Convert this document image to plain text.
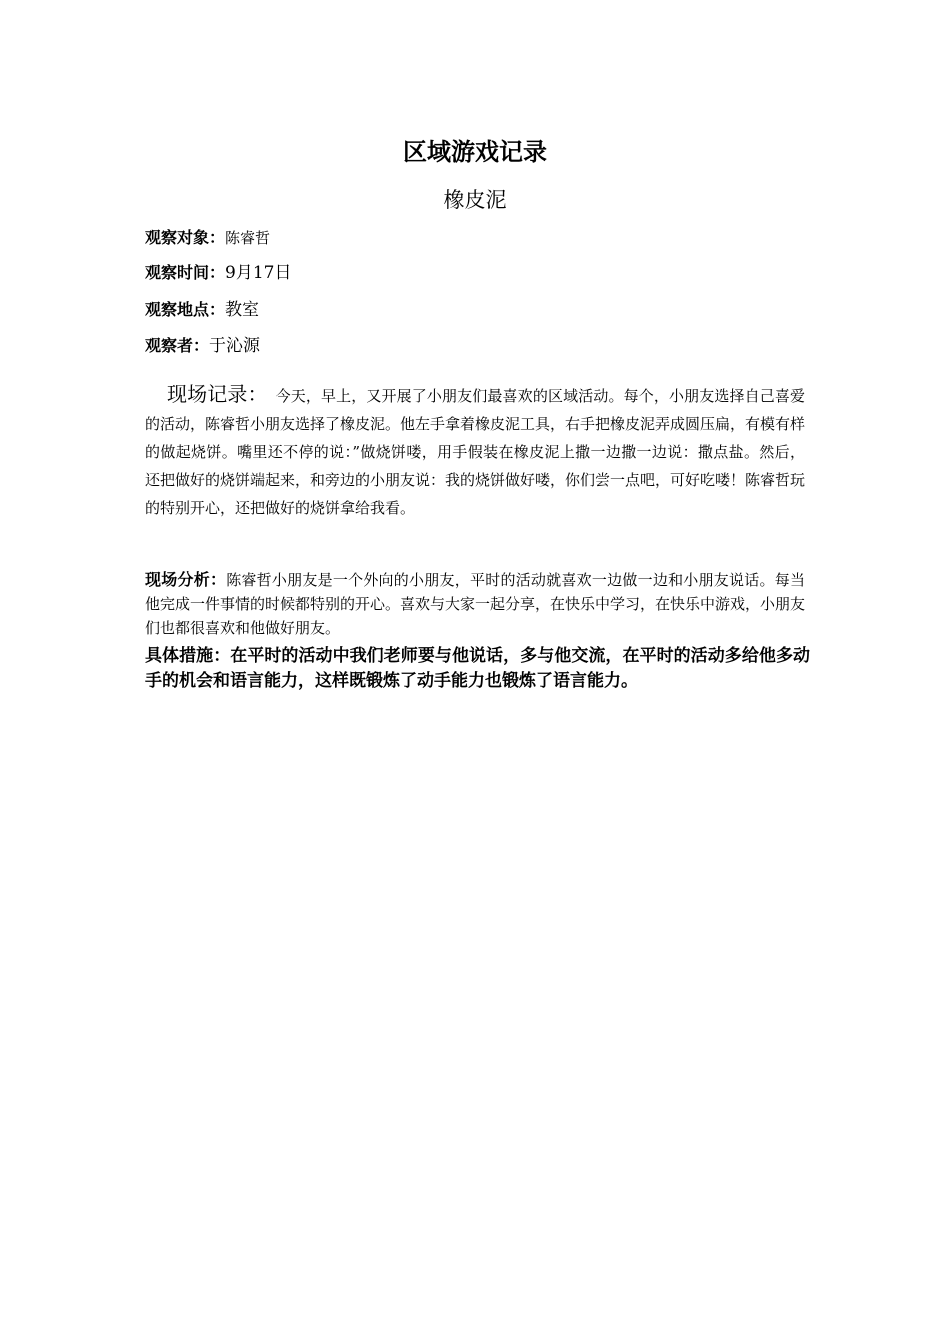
区域游戏记录
橡皮泥
观察对象：陈睿哲
观察时间：9月17日
观察地点：教室
观察者：于沁源
现场记录： 今天，早上，又开展了小朋友们最喜欢的区域活动。每个，小朋友选择自己喜爱的活动，陈睿哲小朋友选择了橡皮泥。他左手拿着橡皮泥工具，右手把橡皮泥弄成圆压扁，有模有样的做起烧饼。嘴里还不停的说：”做烧饼喽，用手假装在橡皮泥上撒一边撒一边说：撒点盐。然后，还把做好的烧饼端起来，和旁边的小朋友说：我的烧饼做好喽，你们尝一点吧，可好吃喽！陈睿哲玩的特别开心，还把做好的烧饼拿给我看。
现场分析：陈睿哲小朋友是一个外向的小朋友，平时的活动就喜欢一边做一边和小朋友说话。每当他完成一件事情的时候都特别的开心。喜欢与大家一起分享，在快乐中学习，在快乐中游戏，小朋友们也都很喜欢和他做好朋友。
具体措施：在平时的活动中我们老师要与他说话，多与他交流，在平时的活动多给他多动手的机会和语言能力，这样既锻炼了动手能力也锻炼了语言能力。
